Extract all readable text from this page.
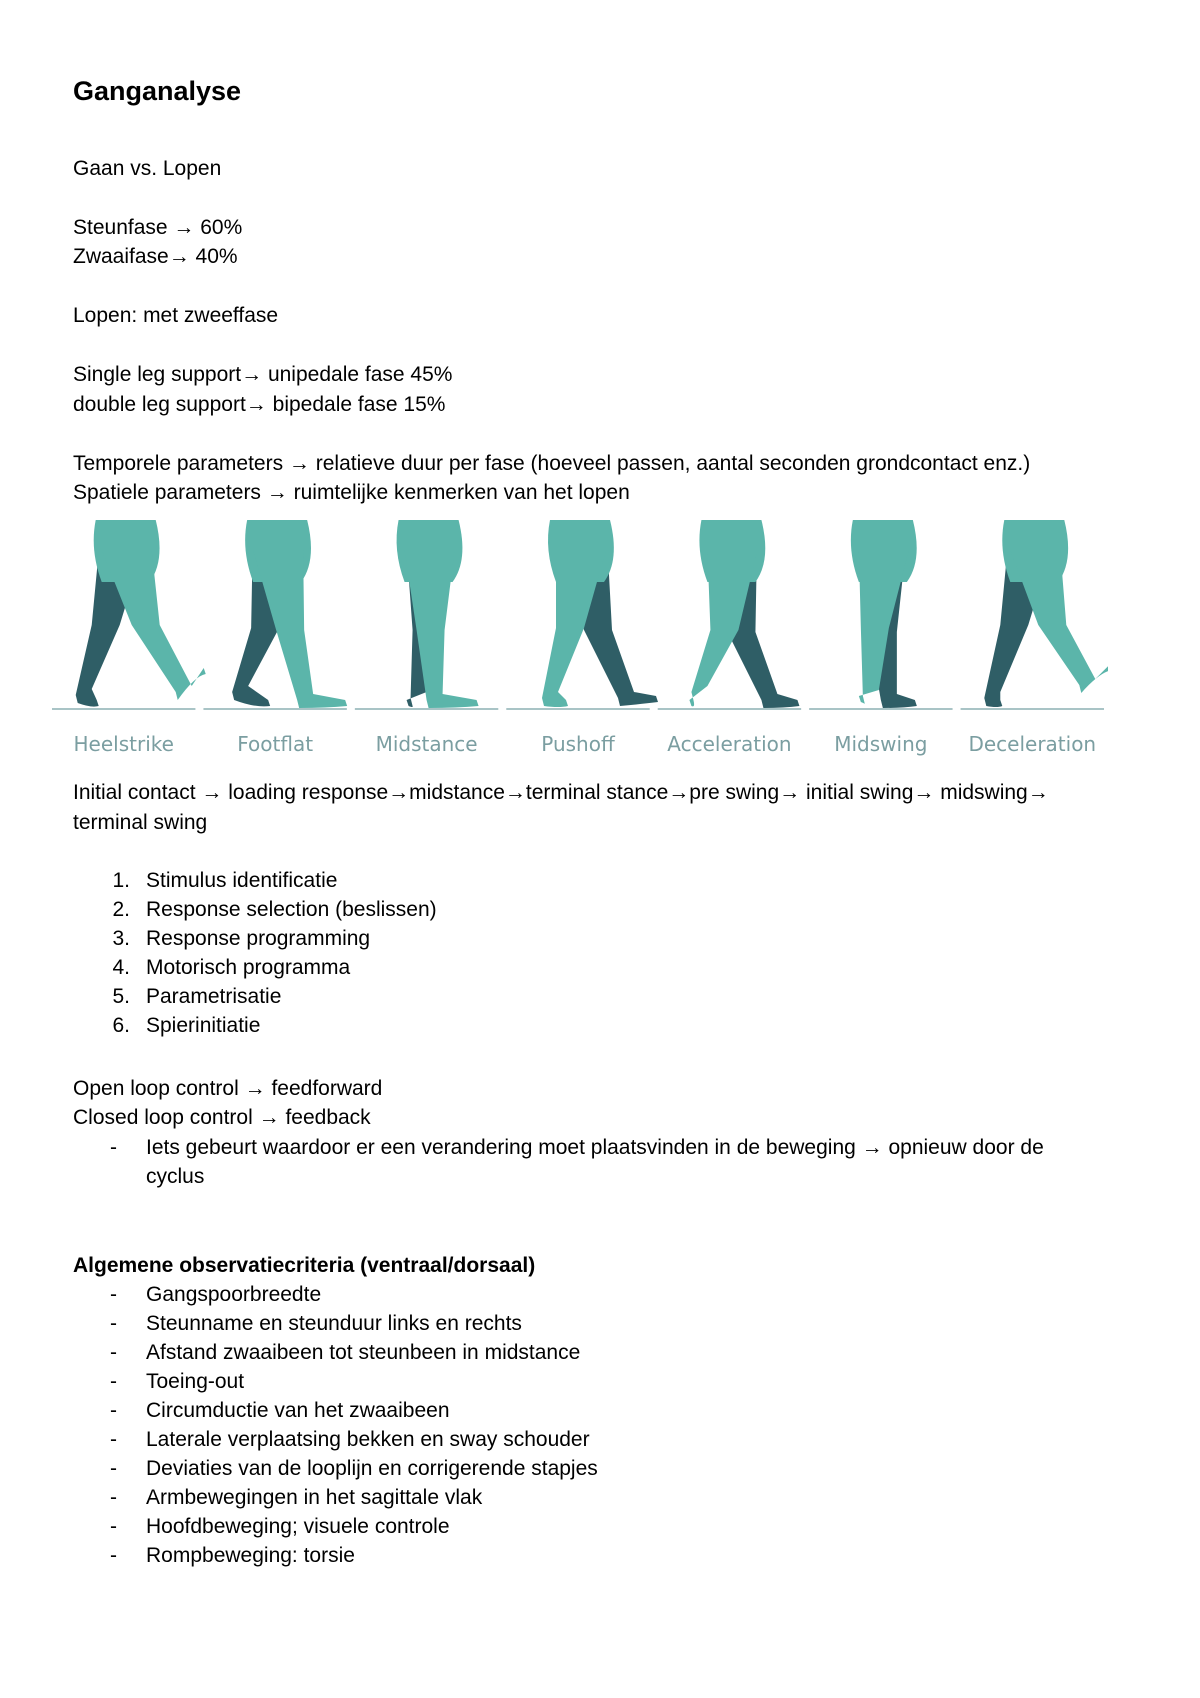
Ganganalyse
Gaan vs. Lopen
Steunfase → 60%
Zwaaifase→ 40%
Lopen: met zweeffase
Single leg support→ unipedale fase 45%
double leg support→ bipedale fase 15%
Temporele parameters → relatieve duur per fase (hoeveel passen, aantal seconden grondcontact enz.)
Spatiele parameters → ruimtelijke kenmerken van het lopen
Heelstrike	Footflat	Midstance	Pushoff	Acceleration Midswing Deceleration
Initial contact → loading response→midstance→terminal stance→pre swing→ initial swing→ midswing→
terminal swing
1. Stimulus identificatie
2. Response selection (beslissen)
3. Response programming
4. Motorisch programma
5. Parametrisatie
6. Spierinitiatie
Open loop control → feedforward
Closed loop control → feedback
-	Iets gebeurt waardoor er een verandering moet plaatsvinden in de beweging → opnieuw door de
cyclus
Algemene observatiecriteria (ventraal/dorsaal)
-	Gangspoorbreedte
-	Steunname en steunduur links en rechts
-	Afstand zwaaibeen tot steunbeen in midstance
-	Toeing-out
-	Circumductie van het zwaaibeen
-	Laterale verplaatsing bekken en sway schouder
-	Deviaties van de looplijn en corrigerende stapjes
-	Armbewegingen in het sagittale vlak
-	Hoofdbeweging; visuele controle
-	Rompbeweging: torsie
